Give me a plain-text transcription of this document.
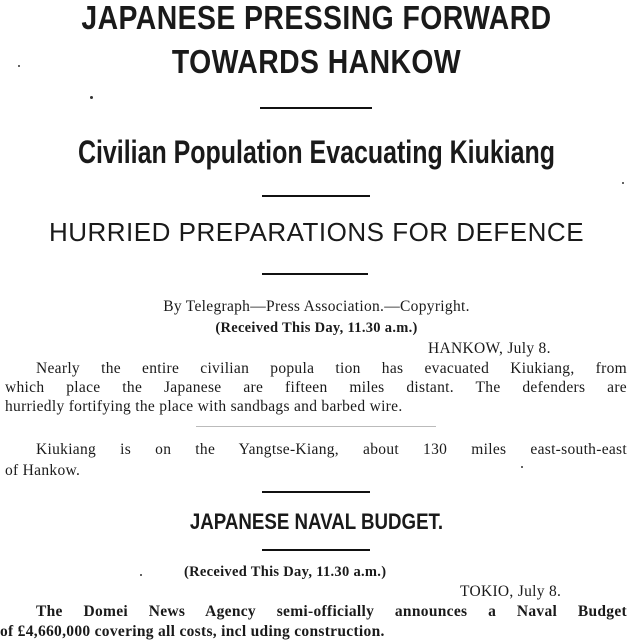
JAPANESE PRESSING FORWARD
TOWARDS HANKOW
Civilian Population Evacuating Kiukiang
HURRIED PREPARATIONS FOR DEFENCE
By Telegraph—Press Association.—Copyright.
(Received This Day, 11.30 a.m.)
HANKOW, July 8.
Nearly the entire civilian popula tion has evacuated Kiukiang, from
which place the Japanese are fifteen miles distant. The defenders are
hurriedly fortifying the place with sandbags and barbed wire.
Kiukiang is on the Yangtse-Kiang, about 130 miles east-south-east
of Hankow.
JAPANESE NAVAL BUDGET.
(Received This Day, 11.30 a.m.)
TOKIO, July 8.
The Domei News Agency semi-officially announces a Naval Budget
of £4,660,000 covering all costs, incl uding construction.
